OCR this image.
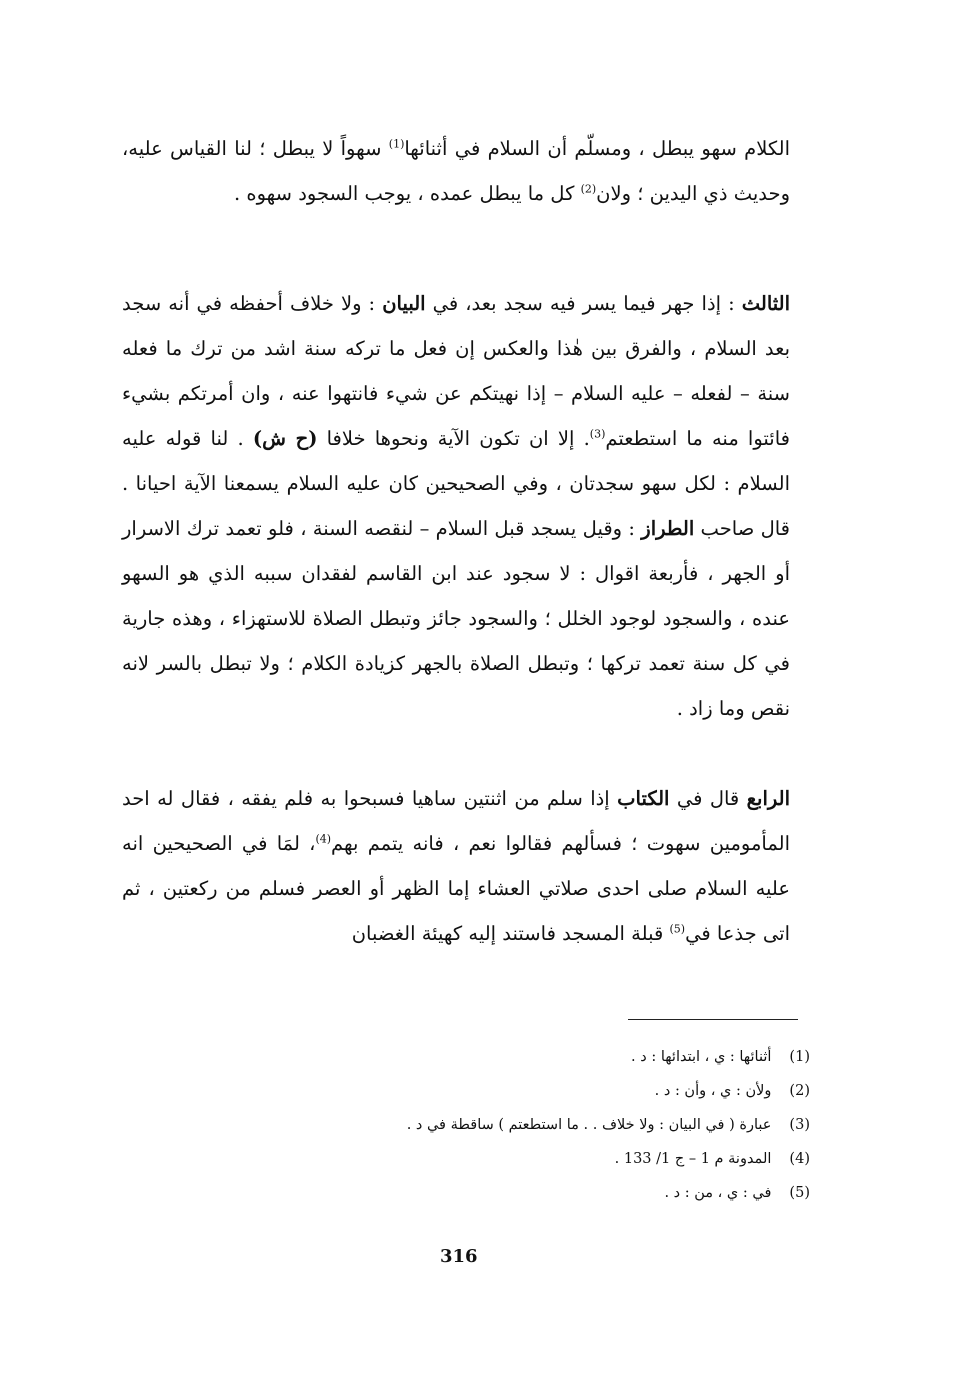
الكلام سهو يبطل ، ومسلّم أن السلام في أثنائها$^{(1)}$ سهواً لا يبطل ؛ لنا القياس عليه، وحديث ذي اليدين ؛ ولان$^{(2)}$ كل ما يبطل عمده ، يوجب السجود سهوه .

الثالث : إذا جهر فيما يسر فيه سجد بعد، في البيان : ولا خلاف أحفظه في أنه سجد بعد السلام ، والفرق بين هٰذا والعكس إن فعل ما تركه سنة اشد من ترك ما فعله سنة – لفعله – عليه السلام – إذا نهيتكم عن شيء فانتهوا عنه ، وان أمرتكم بشيء فائتوا منه ما استطعتم$^{(3)}$. إلا ان تكون الآية ونحوها خلافا (ح ش) . لنا قوله عليه السلام : لكل سهو سجدتان ، وفي الصحيحين كان عليه السلام يسمعنا الآية احيانا . قال صاحب الطراز : وقيل يسجد قبل السلام – لنقصه السنة ، فلو تعمد ترك الاسرار أو الجهر ، فأربعة اقوال : لا سجود عند ابن القاسم لفقدان سببه الذي هو السهو عنده ، والسجود لوجود الخلل ؛ والسجود جائز وتبطل الصلاة للاستهزاء ، وهذه جارية في كل سنة تعمد تركها ؛ وتبطل الصلاة بالجهر كزيادة الكلام ؛ ولا تبطل بالسر لانه نقص وما زاد .

الرابع قال في الكتاب إذا سلم من اثنتين ساهيا فسبحوا به فلم يفقه ، فقال له احد المأمومين سهوت ؛ فسألهم فقالوا نعم ، فانه يتمم بهم$^{(4)}$، لمَا في الصحيحين انه عليه السلام صلى احدى صلاتي العشاء إما الظهر أو العصر فسلم من ركعتين ، ثم اتى جذعا في$^{(5)}$ قبلة المسجد فاستند إليه كهيئة الغضبان

(1) أثنائها : ي ، ابتدائها : د .
(2) ولأن : ي ، وأن : د .
(3) عبارة ( في البيان : ولا خلاف . . ما استطعتم ) ساقطة في د .
(4) المدونة م 1 – ج 1/ 133 .
(5) في : ي ، من : د .
316
